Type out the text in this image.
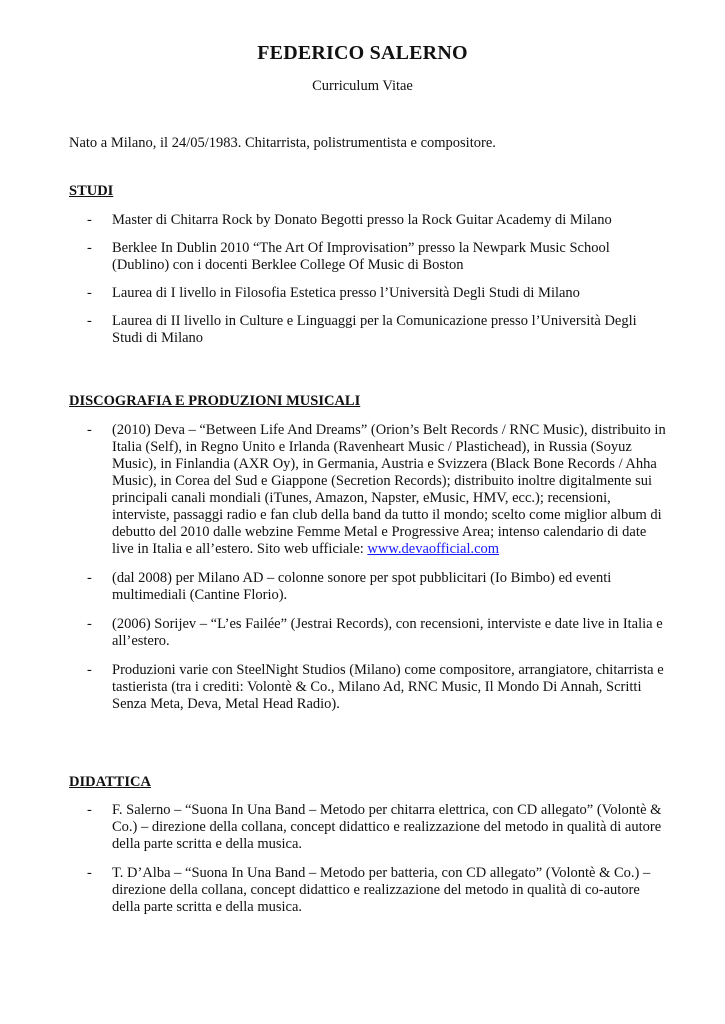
FEDERICO SALERNO
Curriculum Vitae
Nato a Milano, il 24/05/1983. Chitarrista, polistrumentista e compositore.
STUDI
- Master di Chitarra Rock by Donato Begotti presso la Rock Guitar Academy di Milano
- Berklee In Dublin 2010 “The Art Of Improvisation” presso la Newpark Music School (Dublino) con i docenti Berklee College Of Music di Boston
- Laurea di I livello in Filosofia Estetica presso l’Università Degli Studi di Milano
- Laurea di II livello in Culture e Linguaggi per la Comunicazione presso l’Università Degli Studi di Milano
DISCOGRAFIA E PRODUZIONI MUSICALI
- (2010) Deva – “Between Life And Dreams” (Orion’s Belt Records / RNC Music), distribuito in Italia (Self), in Regno Unito e Irlanda (Ravenheart Music / Plastichead), in Russia (Soyuz Music), in Finlandia (AXR Oy), in Germania, Austria e Svizzera (Black Bone Records / Ahha Music), in Corea del Sud e Giappone (Secretion Records); distribuito inoltre digitalmente sui principali canali mondiali (iTunes, Amazon, Napster, eMusic, HMV, ecc.); recensioni, interviste, passaggi radio e fan club della band da tutto il mondo; scelto come miglior album di debutto del 2010 dalle webzine Femme Metal e Progressive Area; intenso calendario di date live in Italia e all’estero. Sito web ufficiale: www.devaofficial.com
- (dal 2008) per Milano AD – colonne sonore per spot pubblicitari (Io Bimbo) ed eventi multimediali (Cantine Florio).
- (2006) Sorijev – “L’es Failée” (Jestrai Records), con recensioni, interviste e date live in Italia e all’estero.
- Produzioni varie con SteelNight Studios (Milano) come compositore, arrangiatore, chitarrista e tastierista (tra i crediti: Volontè & Co., Milano Ad, RNC Music, Il Mondo Di Annah, Scritti Senza Meta, Deva, Metal Head Radio).
DIDATTICA
- F. Salerno – “Suona In Una Band – Metodo per chitarra elettrica, con CD allegato” (Volontè & Co.) – direzione della collana, concept didattico e realizzazione del metodo in qualità di autore della parte scritta e della musica.
- T. D’Alba – “Suona In Una Band – Metodo per batteria, con CD allegato” (Volontè & Co.) – direzione della collana, concept didattico e realizzazione del metodo in qualità di co-autore della parte scritta e della musica.
